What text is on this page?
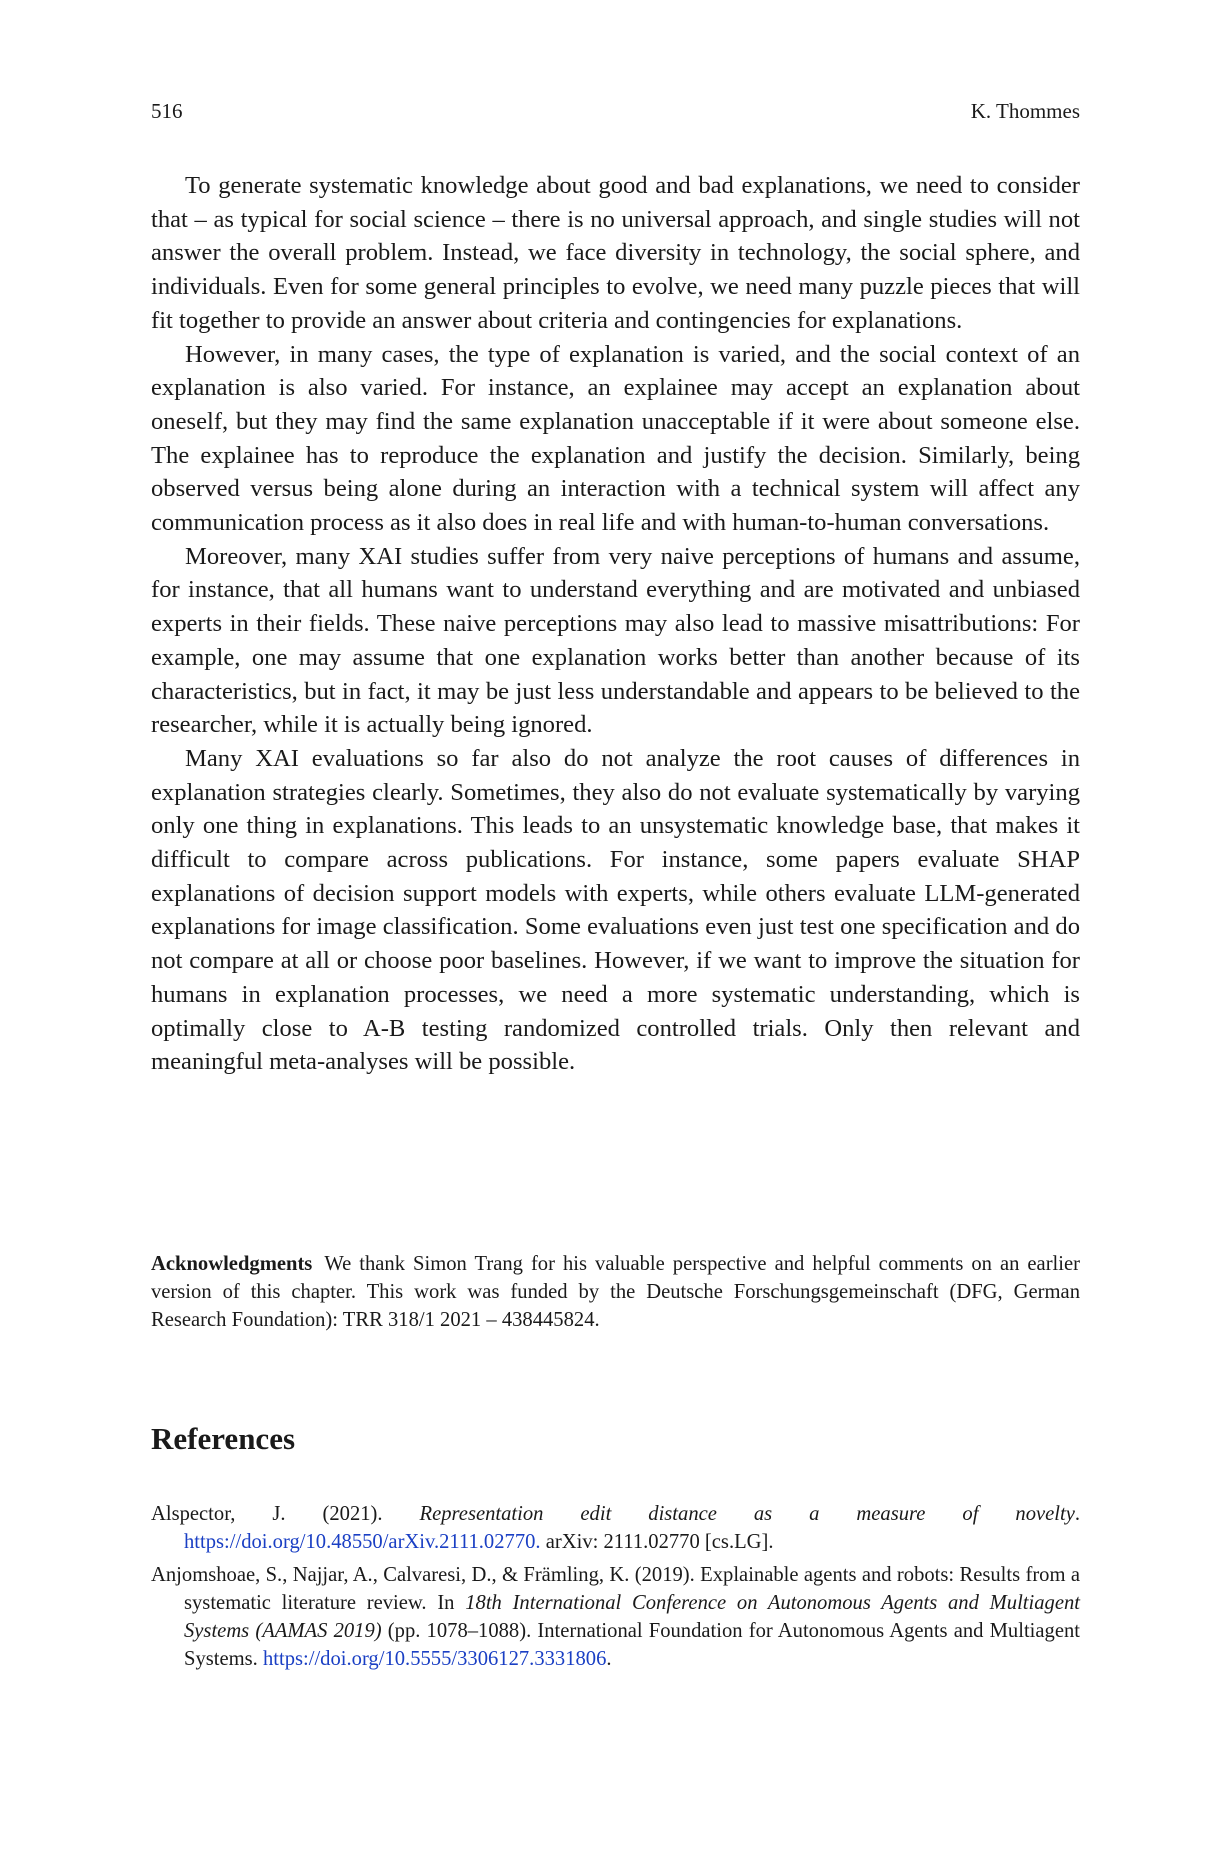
516	K. Thommes

To generate systematic knowledge about good and bad explanations, we need to consider that – as typical for social science – there is no universal approach, and single studies will not answer the overall problem. Instead, we face diversity in technology, the social sphere, and individuals. Even for some general principles to evolve, we need many puzzle pieces that will fit together to provide an answer about criteria and contingencies for explanations.

However, in many cases, the type of explanation is varied, and the social context of an explanation is also varied. For instance, an explainee may accept an explanation about oneself, but they may find the same explanation unacceptable if it were about someone else. The explainee has to reproduce the explanation and justify the decision. Similarly, being observed versus being alone during an interaction with a technical system will affect any communication process as it also does in real life and with human-to-human conversations.

Moreover, many XAI studies suffer from very naive perceptions of humans and assume, for instance, that all humans want to understand everything and are motivated and unbiased experts in their fields. These naive perceptions may also lead to massive misattributions: For example, one may assume that one explanation works better than another because of its characteristics, but in fact, it may be just less understandable and appears to be believed to the researcher, while it is actually being ignored.

Many XAI evaluations so far also do not analyze the root causes of differences in explanation strategies clearly. Sometimes, they also do not evaluate systematically by varying only one thing in explanations. This leads to an unsystematic knowledge base, that makes it difficult to compare across publications. For instance, some papers evaluate SHAP explanations of decision support models with experts, while others evaluate LLM-generated explanations for image classification. Some evaluations even just test one specification and do not compare at all or choose poor baselines. However, if we want to improve the situation for humans in explanation processes, we need a more systematic understanding, which is optimally close to A-B testing randomized controlled trials. Only then relevant and meaningful meta-analyses will be possible.

Acknowledgments We thank Simon Trang for his valuable perspective and helpful comments on an earlier version of this chapter. This work was funded by the Deutsche Forschungsgemeinschaft (DFG, German Research Foundation): TRR 318/1 2021 – 438445824.

References
Alspector, J. (2021). Representation edit distance as a measure of novelty. https://doi.org/10.48550/arXiv.2111.02770. arXiv: 2111.02770 [cs.LG].
Anjomshoae, S., Najjar, A., Calvaresi, D., & Främling, K. (2019). Explainable agents and robots: Results from a systematic literature review. In 18th International Conference on Autonomous Agents and Multiagent Systems (AAMAS 2019) (pp. 1078–1088). International Foundation for Autonomous Agents and Multiagent Systems. https://doi.org/10.5555/3306127.3331806.
